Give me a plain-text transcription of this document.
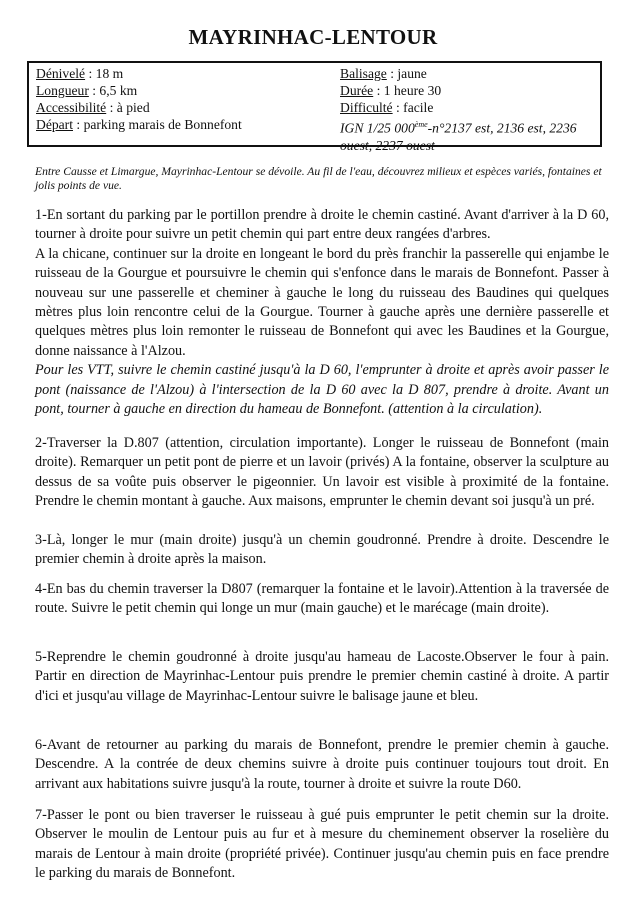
MAYRINHAC-LENTOUR
Dénivelé : 18 m
Longueur : 6,5 km
Accessibilité : à pied
Départ : parking marais de Bonnefont
Balisage : jaune
Durée : 1 heure 30
Difficulté : facile
IGN 1/25 000ème-n°2137 est, 2136 est, 2236 ouest, 2237 ouest

Entre Causse et Limargue, Mayrinhac-Lentour se dévoile. Au fil de l'eau, découvrez milieux et espèces variés, fontaines et jolis points de vue.

1-En sortant du parking par le portillon prendre à droite le chemin castiné. Avant d'arriver à la D 60, tourner à droite pour suivre un petit chemin qui part entre deux rangées d'arbres.

A la chicane, continuer sur la droite en longeant le bord du près franchir la passerelle qui enjambe le ruisseau de la Gourgue et poursuivre le chemin qui s'enfonce dans le marais de Bonnefont. Passer à nouveau sur une passerelle et cheminer à gauche le long du ruisseau des Baudines qui quelques mètres plus loin rencontre celui de la Gourgue. Tourner à gauche après une dernière passerelle et quelques mètres plus loin remonter le ruisseau de Bonnefont qui avec les Baudines et la Gourgue, donne naissance à l'Alzou.

Pour les VTT, suivre le chemin castiné jusqu'à la D 60, l'emprunter à droite et après avoir passer le pont (naissance de l'Alzou) à l'intersection de la D 60 avec la D 807, prendre à droite. Avant un pont, tourner à gauche en direction du hameau de Bonnefont. (attention à la circulation).

2-Traverser la D.807 (attention, circulation importante). Longer le ruisseau de Bonnefont (main droite). Remarquer un petit pont de pierre et un lavoir (privés) A la fontaine, observer la sculpture au dessus de sa voûte puis observer le pigeonnier. Un lavoir est visible à proximité de la fontaine. Prendre le chemin montant à gauche. Aux maisons, emprunter le chemin devant soi jusqu'à un pré.

3-Là, longer le mur (main droite) jusqu'à un chemin goudronné. Prendre à droite. Descendre le premier chemin à droite après la maison.

4-En bas du chemin traverser la D807 (remarquer la fontaine et le lavoir).Attention à la traversée de route. Suivre le petit chemin qui longe un mur (main gauche) et le marécage (main droite).

5-Reprendre le chemin goudronné à droite jusqu'au hameau de Lacoste.Observer le four à pain. Partir en direction de Mayrinhac-Lentour puis prendre le premier chemin castiné à droite. A partir d'ici et jusqu'au village de Mayrinhac-Lentour suivre le balisage jaune et bleu.

6-Avant de retourner au parking du marais de Bonnefont, prendre le premier chemin à gauche. Descendre. A la contrée de deux chemins suivre à droite puis continuer toujours tout droit. En arrivant aux habitations suivre jusqu'à la route, tourner à droite et suivre la route D60.

7-Passer le pont ou bien traverser le ruisseau à gué puis emprunter le petit chemin sur la droite. Observer le moulin de Lentour puis au fur et à mesure du cheminement observer la roselière du marais de Lentour à main droite (propriété privée). Continuer jusqu'au chemin puis en face prendre le parking du marais de Bonnefont.
